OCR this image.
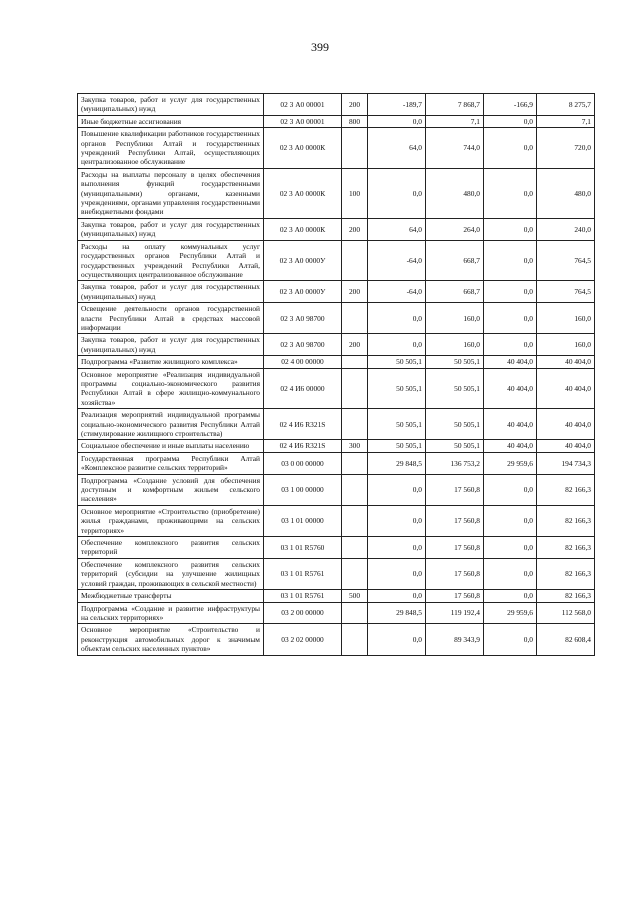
399
Закупка товаров, работ и услуг для государственных (муниципальных) нужд	02 3 А0 00001	200	-189,7	7 868,7	-166,9	8 275,7
Иные бюджетные ассигнования	02 3 А0 00001	800	0,0	7,1	0,0	7,1
Повышение квалификации работников государственных органов Республики Алтай и государственных учреждений Республики Алтай, осуществляющих централизованное обслуживание	02 3 А0 0000К		64,0	744,0	0,0	720,0
Расходы на выплаты персоналу в целях обеспечения выполнения функций государственными (муниципальными) органами, казенными учреждениями, органами управления государственными внебюджетными фондами	02 3 А0 0000К	100	0,0	480,0	0,0	480,0
Закупка товаров, работ и услуг для государственных (муниципальных) нужд	02 3 А0 0000К	200	64,0	264,0	0,0	240,0
Расходы на оплату коммунальных услуг государственных органов Республики Алтай и государственных учреждений Республики Алтай, осуществляющих централизованное обслуживание	02 3 А0 0000У		-64,0	668,7	0,0	764,5
Закупка товаров, работ и услуг для государственных (муниципальных) нужд	02 3 А0 0000У	200	-64,0	668,7	0,0	764,5
Освещение деятельности органов государственной власти Республики Алтай в средствах массовой информации	02 3 А0 98700		0,0	160,0	0,0	160,0
Закупка товаров, работ и услуг для государственных (муниципальных) нужд	02 3 А0 98700	200	0,0	160,0	0,0	160,0
Подпрограмма «Развитие жилищного комплекса»	02 4 00 00000		50 505,1	50 505,1	40 404,0	40 404,0
Основное мероприятие «Реализация индивидуальной программы социально-экономического развития Республики Алтай в сфере жилищно-коммунального хозяйства»	02 4 И6 00000		50 505,1	50 505,1	40 404,0	40 404,0
Реализация мероприятий индивидуальной программы социально-экономического развития Республики Алтай (стимулирование жилищного строительства)	02 4 И6 R321S		50 505,1	50 505,1	40 404,0	40 404,0
Социальное обеспечение и иные выплаты населению	02 4 И6 R321S	300	50 505,1	50 505,1	40 404,0	40 404,0
Государственная программа Республики Алтай «Комплексное развитие сельских территорий»	03 0 00 00000		29 848,5	136 753,2	29 959,6	194 734,3
Подпрограмма «Создание условий для обеспечения доступным и комфортным жильем сельского населения»	03 1 00 00000		0,0	17 560,8	0,0	82 166,3
Основное мероприятие «Строительство (приобретение) жилья гражданами, проживающими на сельских территориях»	03 1 01 00000		0,0	17 560,8	0,0	82 166,3
Обеспечение комплексного развития сельских территорий	03 1 01 R5760		0,0	17 560,8	0,0	82 166,3
Обеспечение комплексного развития сельских территорий (субсидии на улучшение жилищных условий граждан, проживающих в сельской местности)	03 1 01 R5761		0,0	17 560,8	0,0	82 166,3
Межбюджетные трансферты	03 1 01 R5761	500	0,0	17 560,8	0,0	82 166,3
Подпрограмма «Создание и развитие инфраструктуры на сельских территориях»	03 2 00 00000		29 848,5	119 192,4	29 959,6	112 568,0
Основное мероприятие «Строительство и реконструкция автомобильных дорог к значимым объектам сельских населенных пунктов»	03 2 02 00000		0,0	89 343,9	0,0	82 608,4
